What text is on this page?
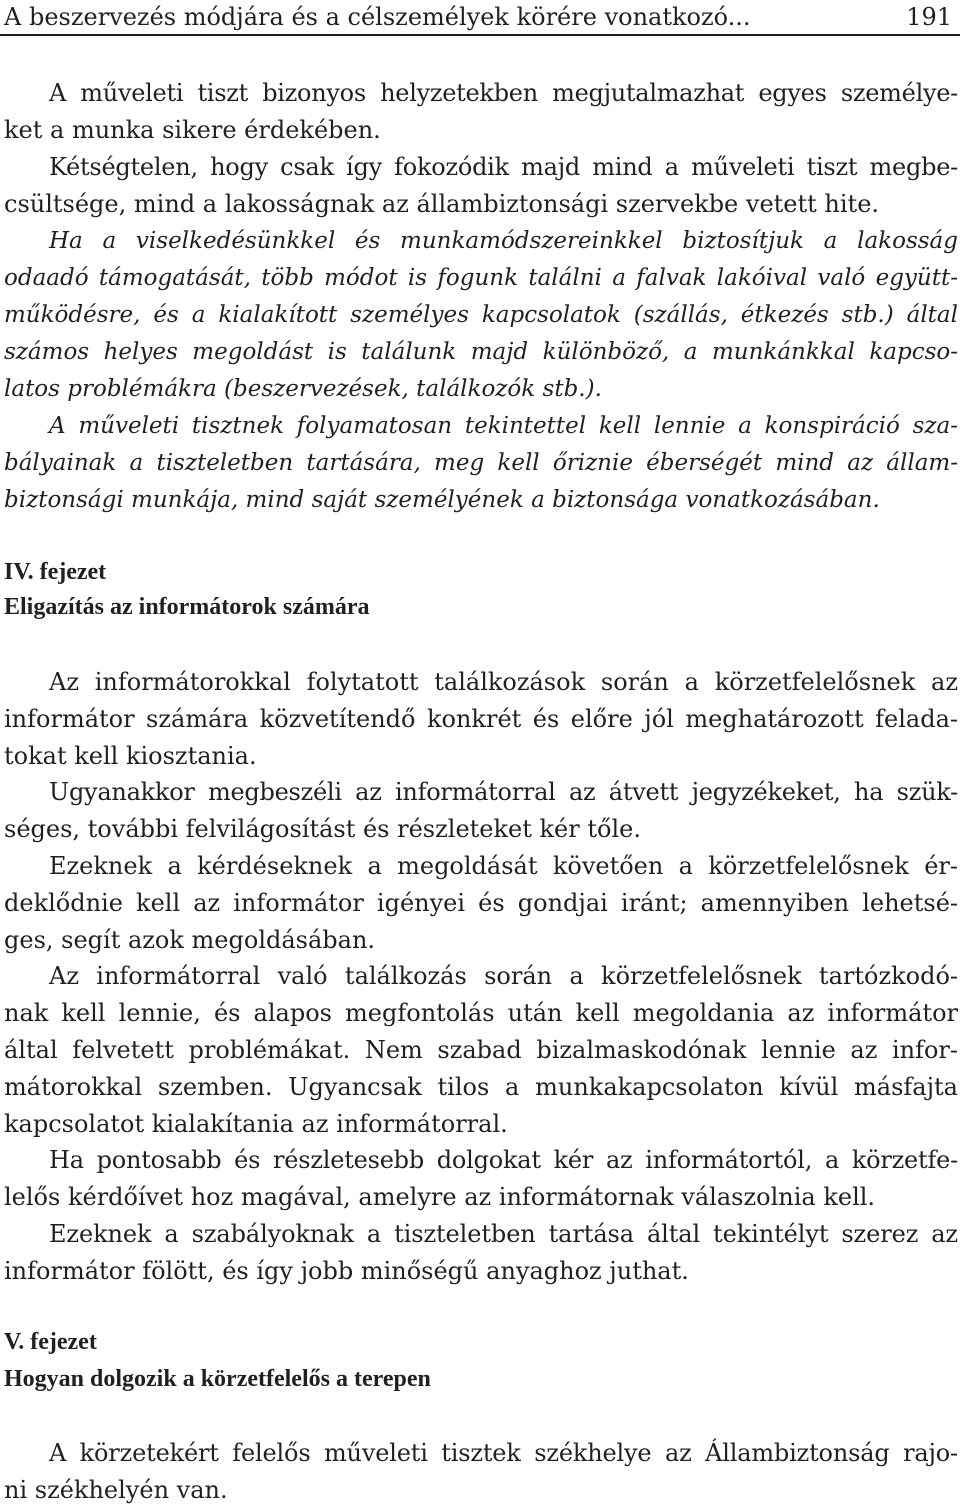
A beszervezés módjára és a célszemélyek körére vonatkozó...	191

A műveleti tiszt bizonyos helyzetekben megjutalmazhat egyes személye-
ket a munka sikere érdekében.

Kétségtelen, hogy csak így fokozódik majd mind a műveleti tiszt megbe-
csültsége, mind a lakosságnak az állambiztonsági szervekbe vetett hite.

Ha a viselkedésünkkel és munkamódszereinkkel biztosítjuk a lakosság
odaadó támogatását, több módot is fogunk találni a falvak lakóival való együtt-
működésre, és a kialakított személyes kapcsolatok (szállás, étkezés stb.) által
számos helyes megoldást is találunk majd különböző, a munkánkkal kapcso-
latos problémákra (beszervezések, találkozók stb.).

A műveleti tisztnek folyamatosan tekintettel kell lennie a konspiráció sza-
bályainak a tiszteletben tartására, meg kell őriznie éberségét mind az állam-
biztonsági munkája, mind saját személyének a biztonsága vonatkozásában.

IV. fejezet
Eligazítás az informátorok számára

Az informátorokkal folytatott találkozások során a körzetfelelősnek az
informátor számára közvetítendő konkrét és előre jól meghatározott felada-
tokat kell kiosztania.

Ugyanakkor megbeszéli az informátorral az átvett jegyzékeket, ha szük-
séges, további felvilágosítást és részleteket kér tőle.

Ezeknek a kérdéseknek a megoldását követően a körzetfelelősnek ér-
deklődnie kell az informátor igényei és gondjai iránt; amennyiben lehetsé-
ges, segít azok megoldásában.

Az informátorral való találkozás során a körzetfelelősnek tartózkodó-
nak kell lennie, és alapos megfontolás után kell megoldania az informátor
által felvetett problémákat. Nem szabad bizalmaskodónak lennie az infor-
mátorokkal szemben. Ugyancsak tilos a munkakapcsolaton kívül másfajta
kapcsolatot kialakítania az informátorral.

Ha pontosabb és részletesebb dolgokat kér az informátortól, a körzetfe-
lelős kérdőívet hoz magával, amelyre az informátornak válaszolnia kell.

Ezeknek a szabályoknak a tiszteletben tartása által tekintélyt szerez az
informátor fölött, és így jobb minőségű anyaghoz juthat.

V. fejezet
Hogyan dolgozik a körzetfelelős a terepen

A körzetekért felelős műveleti tisztek székhelye az Állambiztonság rajo-
ni székhelyén van.
